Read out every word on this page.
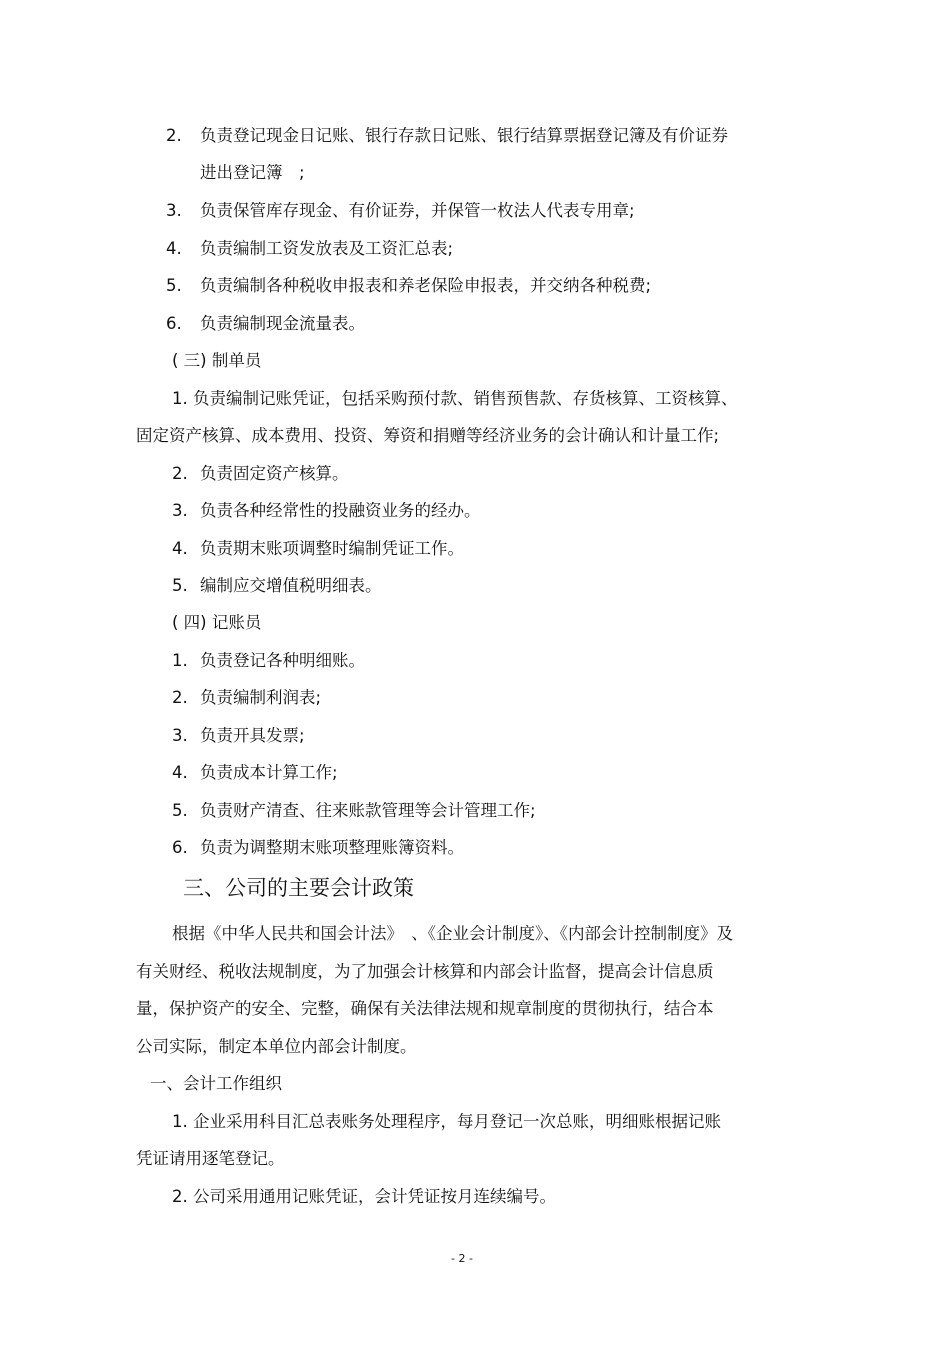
2. 负责登记现金日记账、银行存款日记账、银行结算票据登记簿及有价证券
进出登记簿　;
3. 负责保管库存现金、有价证券，并保管一枚法人代表专用章;
4. 负责编制工资发放表及工资汇总表;
5. 负责编制各种税收申报表和养老保险申报表，并交纳各种税费;
6. 负责编制现金流量表。
( 三) 制单员
1. 负责编制记账凭证，包括采购预付款、销售预售款、存货核算、工资核算、
固定资产核算、成本费用、投资、筹资和捐赠等经济业务的会计确认和计量工作;
2. 负责固定资产核算。
3. 负责各种经常性的投融资业务的经办。
4. 负责期末账项调整时编制凭证工作。
5. 编制应交增值税明细表。
( 四) 记账员
1. 负责登记各种明细账。
2. 负责编制利润表;
3. 负责开具发票;
4. 负责成本计算工作;
5. 负责财产清查、往来账款管理等会计管理工作;
6. 负责为调整期末账项整理账簿资料。
三、公司的主要会计政策
根据《中华人民共和国会计法》　、《企业会计制度》、《内部会计控制制度》及
有关财经、税收法规制度，为了加强会计核算和内部会计监督，提高会计信息质
量，保护资产的安全、完整，确保有关法律法规和规章制度的贯彻执行，结合本
公司实际，制定本单位内部会计制度。
一、会计工作组织
1. 企业采用科目汇总表账务处理程序，每月登记一次总账，明细账根据记账
凭证请用逐笔登记。
2. 公司采用通用记账凭证，会计凭证按月连续编号。
- 2 -
